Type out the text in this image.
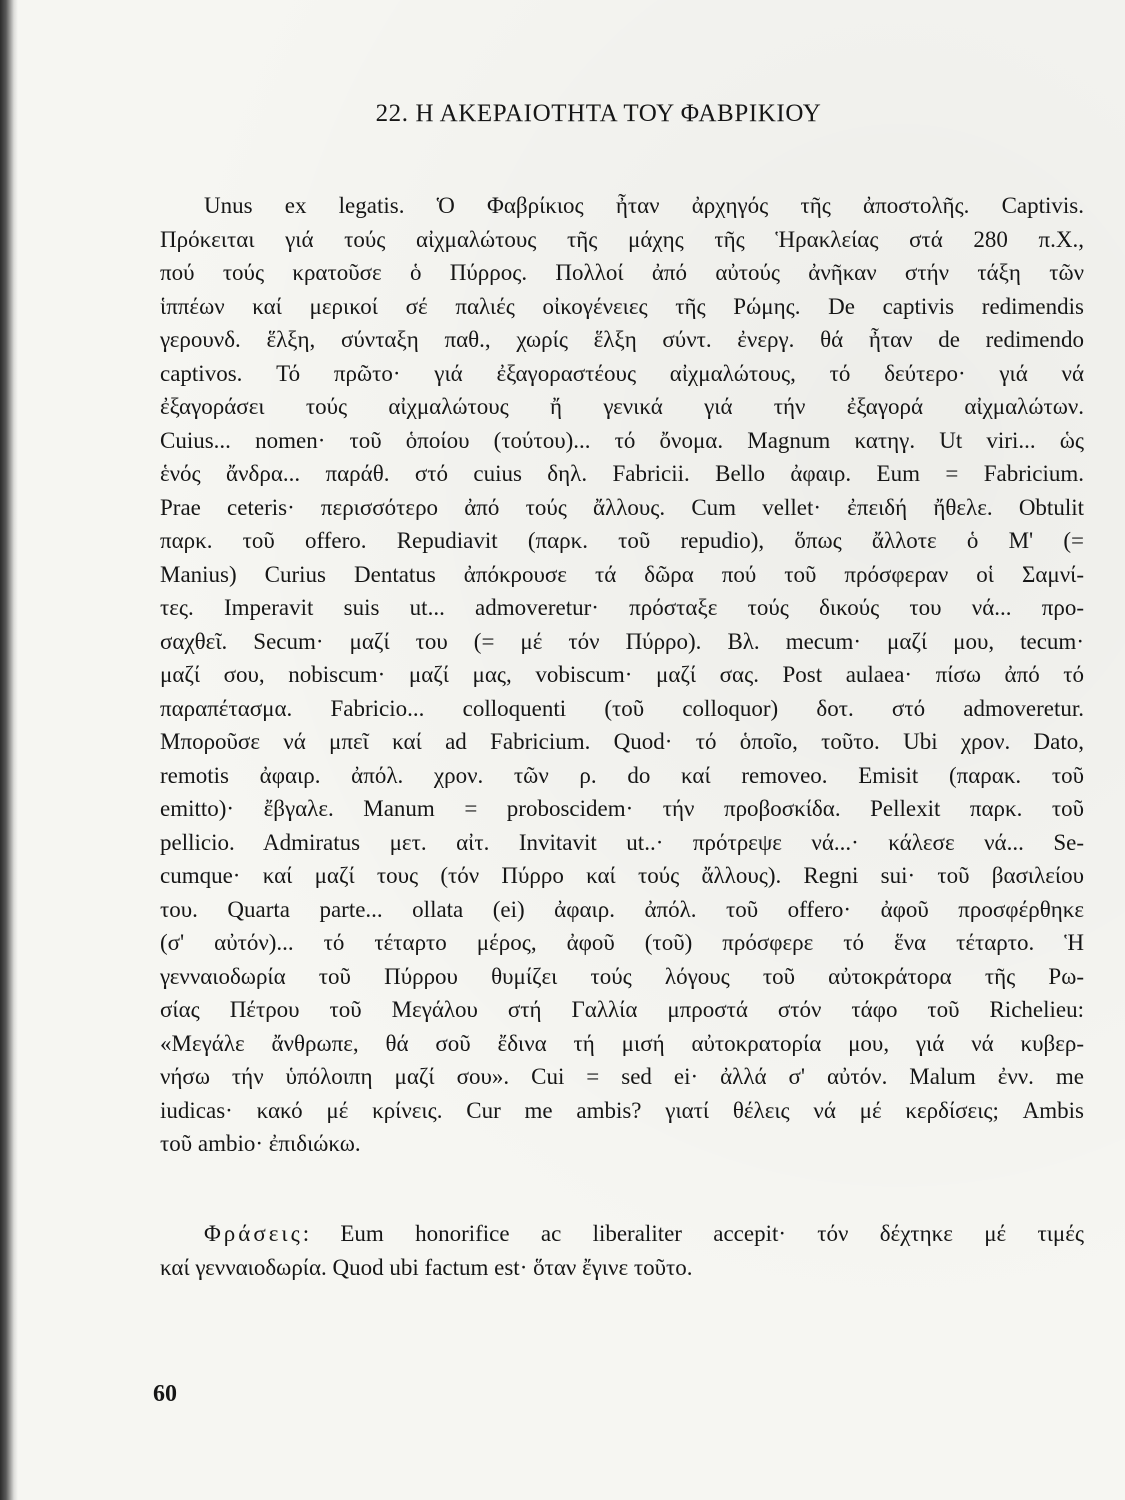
22. Η ΑΚΕΡΑΙΟΤΗΤΑ ΤΟΥ ΦΑΒΡΙΚΙΟΥ
Unus ex legatis. Ὁ Φαβρίκιος ἦταν ἀρχηγός τῆς ἀποστολῆς. Captivis.
Πρόκειται γιά τούς αἰχμαλώτους τῆς μάχης τῆς Ἡρακλείας στά 280 π.Χ.,
πού τούς κρατοῦσε ὁ Πύρρος. Πολλοί ἀπό αὐτούς ἀνῆκαν στήν τάξη τῶν
ἱππέων καί μερικοί σέ παλιές οἰκογένειες τῆς Ρώμης. De captivis redimendis
γερουνδ. ἕλξη, σύνταξη παθ., χωρίς ἕλξη σύντ. ἐνεργ. θά ἦταν de redimendo
captivos. Τό πρῶτο· γιά ἐξαγοραστέους αἰχμαλώτους, τό δεύτερο· γιά νά
ἐξαγοράσει τούς αἰχμαλώτους ἤ γενικά γιά τήν ἐξαγορά αἰχμαλώτων.
Cuius... nomen· τοῦ ὁποίου (τούτου)... τό ὄνομα. Magnum κατηγ. Ut viri... ὡς
ἑνός ἄνδρα... παράθ. στό cuius δηλ. Fabricii. Bello ἀφαιρ. Eum = Fabricium.
Prae ceteris· περισσότερο ἀπό τούς ἄλλους. Cum vellet· ἐπειδή ἤθελε. Obtulit
παρκ. τοῦ offero. Repudiavit (παρκ. τοῦ repudio), ὅπως ἄλλοτε ὁ Μ' (=
Manius) Curius Dentatus ἀπόκρουσε τά δῶρα πού τοῦ πρόσφεραν οἱ Σαμνί-
τες. Imperavit suis ut... admoveretur· πρόσταξε τούς δικούς του νά... προ-
σαχθεῖ. Secum· μαζί του (= μέ τόν Πύρρο). Βλ. mecum· μαζί μου, tecum·
μαζί σου, nobiscum· μαζί μας, vobiscum· μαζί σας. Post aulaea· πίσω ἀπό τό
παραπέτασμα. Fabricio... colloquenti (τοῦ colloquor) δοτ. στό admoveretur.
Μποροῦσε νά μπεῖ καί ad Fabricium. Quod· τό ὁποῖο, τοῦτο. Ubi χρον. Dato,
remotis ἀφαιρ. ἀπόλ. χρον. τῶν ρ. do καί removeo. Emisit (παρακ. τοῦ
emitto)· ἔβγαλε. Manum = proboscidem· τήν προβοσκίδα. Pellexit παρκ. τοῦ
pellicio. Admiratus μετ. αἰτ. Invitavit ut..· πρότρεψε νά...· κάλεσε νά... Se-
cumque· καί μαζί τους (τόν Πύρρο καί τούς ἄλλους). Regni sui· τοῦ βασιλείου
του. Quarta parte... ollata (ei) ἀφαιρ. ἀπόλ. τοῦ offero· ἀφοῦ προσφέρθηκε
(σ' αὐτόν)... τό τέταρτο μέρος, ἀφοῦ (τοῦ) πρόσφερε τό ἕνα τέταρτο. Ἡ
γενναιοδωρία τοῦ Πύρρου θυμίζει τούς λόγους τοῦ αὐτοκράτορα τῆς Ρω-
σίας Πέτρου τοῦ Μεγάλου στή Γαλλία μπροστά στόν τάφο τοῦ Richelieu:
«Μεγάλε ἄνθρωπε, θά σοῦ ἔδινα τή μισή αὐτοκρατορία μου, γιά νά κυβερ-
νήσω τήν ὑπόλοιπη μαζί σου». Cui = sed ei· ἀλλά σ' αὐτόν. Malum ἐνν. me
iudicas· κακό μέ κρίνεις. Cur me ambis? γιατί θέλεις νά μέ κερδίσεις; Ambis
τοῦ ambio· ἐπιδιώκω.
Φράσεις: Eum honorifice ac liberaliter accepit· τόν δέχτηκε μέ τιμές
καί γενναιοδωρία. Quod ubi factum est· ὅταν ἔγινε τοῦτο.
60
